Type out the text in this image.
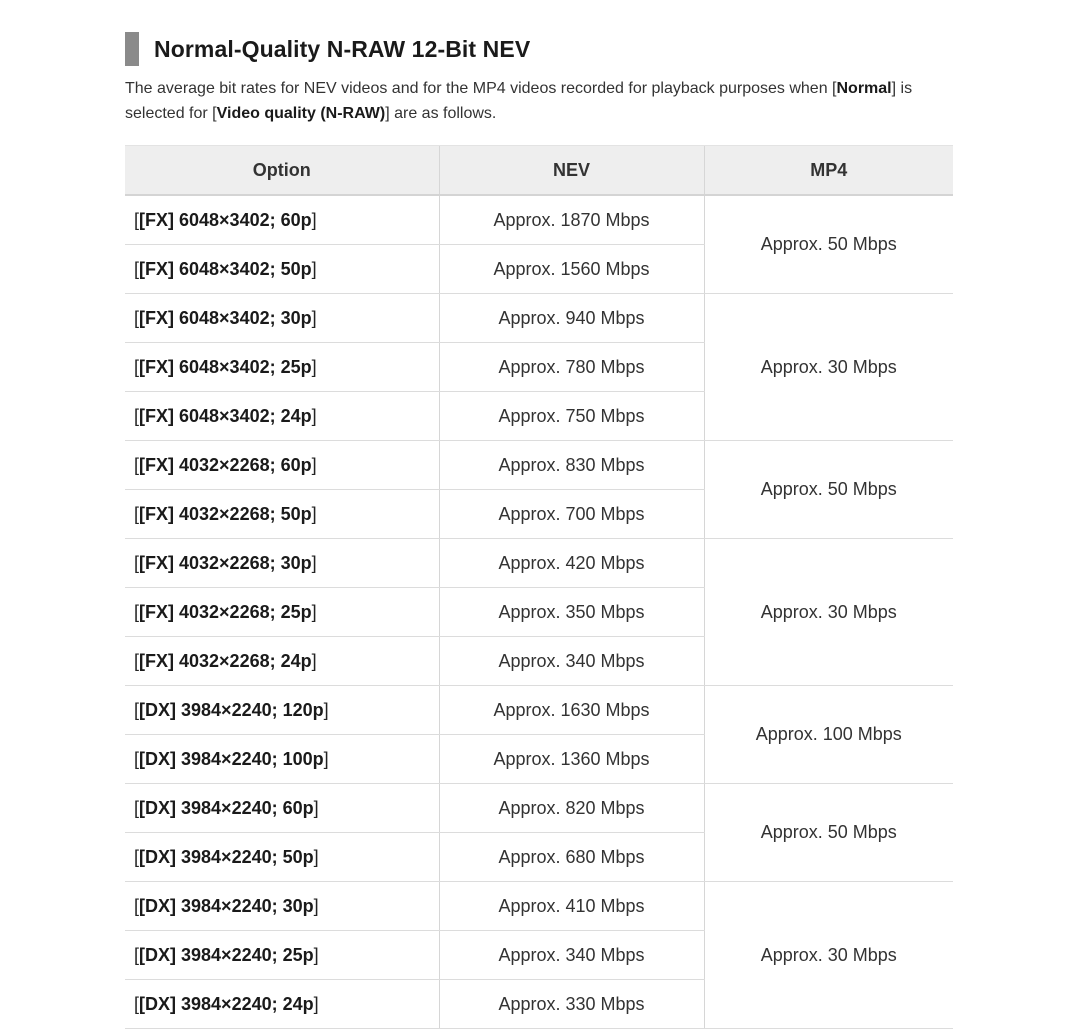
Normal-Quality N-RAW 12-Bit NEV
The average bit rates for NEV videos and for the MP4 videos recorded for playback purposes when [Normal] is selected for [Video quality (N-RAW)] are as follows.
Option	NEV	MP4
[[FX] 6048×3402; 60p]	Approx. 1870 Mbps	Approx. 50 Mbps
[[FX] 6048×3402; 50p]	Approx. 1560 Mbps	
[[FX] 6048×3402; 30p]	Approx. 940 Mbps	Approx. 30 Mbps
[[FX] 6048×3402; 25p]	Approx. 780 Mbps	
[[FX] 6048×3402; 24p]	Approx. 750 Mbps	
[[FX] 4032×2268; 60p]	Approx. 830 Mbps	Approx. 50 Mbps
[[FX] 4032×2268; 50p]	Approx. 700 Mbps	
[[FX] 4032×2268; 30p]	Approx. 420 Mbps	Approx. 30 Mbps
[[FX] 4032×2268; 25p]	Approx. 350 Mbps	
[[FX] 4032×2268; 24p]	Approx. 340 Mbps	
[[DX] 3984×2240; 120p]	Approx. 1630 Mbps	Approx. 100 Mbps
[[DX] 3984×2240; 100p]	Approx. 1360 Mbps	
[[DX] 3984×2240; 60p]	Approx. 820 Mbps	Approx. 50 Mbps
[[DX] 3984×2240; 50p]	Approx. 680 Mbps	
[[DX] 3984×2240; 30p]	Approx. 410 Mbps	Approx. 30 Mbps
[[DX] 3984×2240; 25p]	Approx. 340 Mbps	
[[DX] 3984×2240; 24p]	Approx. 330 Mbps	
